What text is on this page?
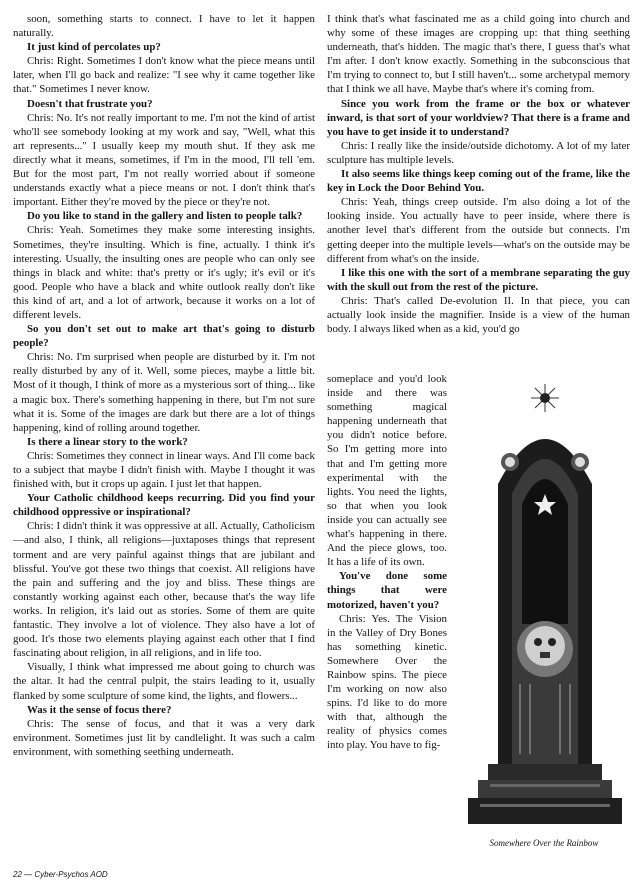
soon, something starts to connect. I have to let it happen naturally.

It just kind of percolates up?

Chris: Right. Sometimes I don't know what the piece means until later, when I'll go back and realize: "I see why it came together like that." Sometimes I never know.

Doesn't that frustrate you?

Chris: No. It's not really important to me. I'm not the kind of artist who'll see somebody looking at my work and say, "Well, what this art represents..." I usually keep my mouth shut. If they ask me directly what it means, sometimes, if I'm in the mood, I'll tell 'em. But for the most part, I'm not really worried about if someone understands exactly what a piece means or not. I don't think that's important. Either they're moved by the piece or they're not.

Do you like to stand in the gallery and listen to people talk?

Chris: Yeah. Sometimes they make some interesting insights. Sometimes, they're insulting. Which is fine, actually. I think it's interesting. Usually, the insulting ones are people who can only see things in black and white: that's pretty or it's ugly; it's evil or it's good. People who have a black and white outlook really don't like this kind of art, and a lot of artwork, because it works on a lot of different levels.

So you don't set out to make art that's going to disturb people?

Chris: No. I'm surprised when people are disturbed by it. I'm not really disturbed by any of it. Well, some pieces, maybe a little bit. Most of it though, I think of more as a mysterious sort of thing... like a magic box. There's something happening in there, but I'm not sure what it is. Some of the images are dark but there are a lot of things happening, kind of rolling around together.

Is there a linear story to the work?

Chris: Sometimes they connect in linear ways. And I'll come back to a subject that maybe I didn't finish with. Maybe I thought it was finished with, but it crops up again. I just let that happen.

Your Catholic childhood keeps recurring. Did you find your childhood oppressive or inspirational?

Chris: I didn't think it was oppressive at all. Actually, Catholicism—and also, I think, all religions—juxtaposes things that represent torment and are very painful against things that are jubilant and blissful. You've got these two things that coexist. All religions have the pain and suffering and the joy and bliss. These things are constantly working against each other, because that's the way life works. In religion, it's laid out as stories. Some of them are quite fantastic. They involve a lot of violence. They also have a lot of good. It's those two elements playing against each other that I find fascinating about religion, in all religions, and in life too.

Visually, I think what impressed me about going to church was the altar. It had the central pulpit, the stairs leading to it, usually flanked by some sculpture of some kind, the lights, and flowers...

Was it the sense of focus there?

Chris: The sense of focus, and that it was a very dark environment. Sometimes just lit by candlelight. It was such a calm environment, with something seething underneath.

I think that's what fascinated me as a child going into church and why some of these images are cropping up: that thing seething underneath, that's hidden. The magic that's there, I guess that's what I'm after. I don't know exactly. Something in the subconscious that I'm trying to connect to, but I still haven't... some archetypal memory that I think we all have. Maybe that's where it's coming from.

Since you work from the frame or the box or whatever inward, is that sort of your worldview? That there is a frame and you have to get inside it to understand?

Chris: I really like the inside/outside dichotomy. A lot of my later sculpture has multiple levels.

It also seems like things keep coming out of the frame, like the key in Lock the Door Behind You.

Chris: Yeah, things creep outside. I'm also doing a lot of the looking inside. You actually have to peer inside, where there is another level that's different from the outside but connects. I'm getting deeper into the multiple levels—what's on the outside may be different from what's on the inside.

I like this one with the sort of a membrane separating the guy with the skull out from the rest of the picture.

Chris: That's called De-evolution II. In that piece, you can actually look inside the magnifier. Inside is a view of the human body. I always liked when as a kid, you'd go

someplace and you'd look inside and there was something magical happening underneath that you didn't notice before. So I'm getting more into that and I'm getting more experimental with the lights. You need the lights, so that when you look inside you can actually see what's happening in there. And the piece glows, too. It has a life of its own.

You've done some things that were motorized, haven't you?

Chris: Yes. The Vision in the Valley of Dry Bones has something kinetic. Somewhere Over the Rainbow spins. The piece I'm working on now also spins. I'd like to do more with that, although the reality of physics comes into play. You have to fig-

Somewhere Over the Rainbow
22 — Cyber-Psychos AOD
